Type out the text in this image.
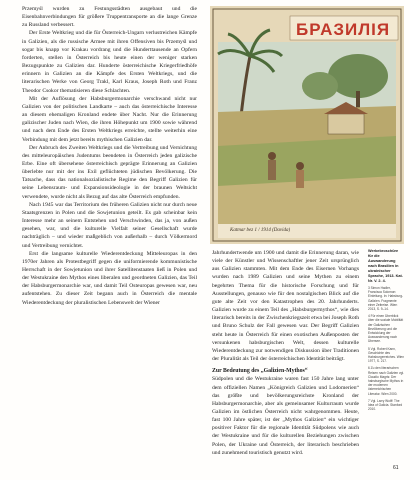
Przemyśl wurden zu Festungsstädten ausgebaut und die Eisenbahnverbindungen für größere Truppentransporte an die lange Grenze zu Russland verbessert.

Der Erste Weltkrieg und die für Österreich-Ungarn verlustreichen Kämpfe in Galizien, als die russische Armee mit ihren Offensiven bis Przemyśl und sogar bis knapp vor Krakau vordrang und die Hunderttausende an Opfern forderten, stellen in Österreich bis heute einen der weniger starken Bezugspunkte zu Galizien dar. Hunderte österreichische Kriegerfriedhöfe erinnern in Galizien an die Kämpfe des Ersten Weltkriegs, und die literarischen Werke von Georg Trakl, Karl Kraus, Joseph Roth und Franz Theodor Csokor thematisieren diese Schlachten.

Mit der Auflösung der Habsburgermonarchie verschwand nicht nur Galizien von der politischen Landkarte – auch das österreichische Interesse an diesem ehemaligen Kronland endete über Nacht. Nur die Erinnerung galizischer Juden nach Wien, die ihren Höhepunkt um 1900 sowie während und nach dem Ende des Ersten Weltkriegs erreichte, stellte weiterhin eine Verbindung mit dem jetzt bereits mythischen Galizien dar.

Der Anbruch des Zweiten Weltkriegs und die Vertreibung und Vernichtung des mitteleuropäischen Judentums beendeten in Österreich jeden galizische Erbe. Eine oft übersehene österreichisch geprägte Erinnerung an Galizien überlebte nur mit der ins Exil geflüchteten jüdischen Bevölkerung. Die Tatsache, dass das nationalsozialistische Regime den Begriff Galizien für seine Lebensraum- und Expansionsideologie in der braunen Weltsicht verwendete, wurde nicht als Bezug auf das alte Österreich empfunden.

Nach 1945 war das Territorium des früheren Galizien nicht nur durch neue Staatsgrenzen in Polen und die Sowjetunion geteilt. Es gab scheinbar kein Interesse mehr an seinem Entstehen und Verschwinden, das ja, von außen gesehen, war, und die kulturelle Vielfalt seiner Gesellschaft wurde nachträglich – und wieder maßgeblich von außerhalb – durch Völkermord und Vertreibung vernichtet.

Erst die langsame kulturelle Wiederentdeckung Mitteleuropas in den 1970er Jahren als Protestbegriff gegen die uniformierende kommunistische Herrschaft in der Sowjetunion und ihrer Satellitenstaaten ließ in Polen und der Westukraine den Mythos eines liberalen und geordneten Galizien, das Teil der Habsburgermonarchie war, und damit Teil Osteuropas gewesen war, neu aufentstehen. Zu dieser Zeit begann auch in Österreich die mentale Wiederentdeckung der pluralistischen Lebenswelt der Wiener

БРАЗИЛІЯ
Katmar bez 1 / 1914 (Davida)

Jahrhundertwende um 1900 und damit die Erinnerung daran, wie viele der Künstler und Wissenschaftler jener Zeit ursprünglich aus Galizien stammten. Mit dem Ende des Eisernen Vorhangs wurden nach 1989 Galizien und seine Mythen zu einem begehrten Thema für die historische Forschung und für Ausstellungen, genauso wie für den nostalgischen Blick auf die gute alte Zeit vor den Katastrophen des 20. Jahrhunderts. Galizien wurde zu einem Teil des „Habsburgermythos“, wie dies literarisch bereits in der Zwischenkriegszeit etwa bei Joseph Roth und Bruno Schulz der Fall gewesen war. Der Begriff Galizien steht heute in Österreich für einen exotischen Außenposten der versunkenen habsburgischen Welt, dessen kulturelle Wiederentdeckung zur notwendigen Diskussion über Traditionen der Pluralität als Teil der österreichischen Identität beiträgt.

Zur Bedeutung des „Galizien-Mythos“

Südpolen und die Westukraine waren fast 150 Jahre lang unter dem offiziellen Namen „Königreich Galizien und Lodomerien“ das größte und bevölkerungsreichste Kronland der Habsburgermonarchie, aber als gemeinsamer Kulturraum wurde Galizien im östlichen Österreich nicht wahrgenommen. Heute, fast 100 Jahre später, ist der „Mythos Galizien“ ein wichtiger positiver Faktor für die regionale Identität Südpolens wie auch der Westukraine und für die kulturellen Beziehungen zwischen Polen, der Ukraine und Österreich, der literarisch beschrieben und zunehmend touristisch genutzt wird.

Werbebroschüre für die Auswanderung nach Brasilien in ukrainischer Sprache, 1913. Kat. Nr. V. 2. 4.

3 Simon Hadler, Francisca Solomon: Einleitung. In: Habsburg-Galizien. Fragmente einer Zeitreise. Wien 2013, S. 9–14.

4 Für einen Überblick über die soziale Mobilität der Galizischen Bevölkerung und die Entwicklung der Auswanderung nach Übersee.

5 Vgl. Robert Kann, Geschichte des Habsburgerreiches. Wien 1977, S. 217.

6 Zu den literarischen Reisen nach Galizien vgl. Claudio Magris: Der habsburgische Mythos in der modernen österreichischen Literatur. Wien 2000.

7 Vgl. Larry Wolff: The Idea of Galicia. Stanford 2010.

61
